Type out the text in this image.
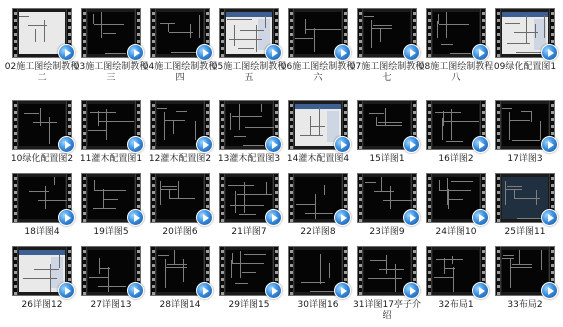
02施工图绘制教程二
03施工图绘制教程三
04施工图绘制教程四
05施工图绘制教程五
06施工图绘制教程六
07施工图绘制教程七
08施工图绘制教程八
09绿化配置图1
10绿化配置图2 11灌木配置图1 12灌木配置图2 13灌木配置图3 14灌木配置图4	15详图1	16详图2	17详图3
18详图4	19详图5	20详图6	21详图7	22详图8	23详图9	24详图10	25详图11
26详图12	27详图13	28详图14	29详图15	30详图16	31详图17亭子介绍
32布局1	33布局2
